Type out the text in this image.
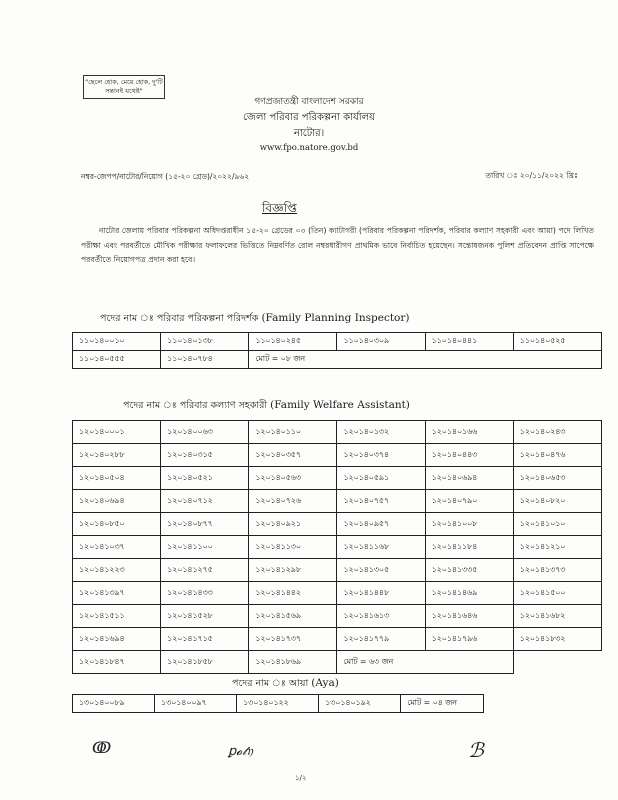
"ছেলে হোক, মেয়ে হোক, দু'টি সন্তানই যথেষ্ট"
গণপ্রজাতন্ত্রী বাংলাদেশ সরকার
জেলা পরিবার পরিকল্পনা কার্যালয়
নাটোর।
www.fpo.natore.gov.bd
নম্বর-জেপপ/নাটোর/নিয়োগ (১৫-২০ গ্রেড)/২০২২/৯৬২	তারিখ ঃ ২০/১১/২০২২ খ্রিঃ
বিজ্ঞপ্তি
নাটোর জেলায় পরিবার পরিকল্পনা অধিদপ্তরাধীন ১৫-২০ গ্রেডের ০৩ (তিন) ক্যাটাগরী (পরিবার পরিকল্পনা পরিদর্শক, পরিবার কল্যাণ সহকারী এবং আয়া) পদে লিখিত পরীক্ষা এবং পরবর্তীতে মৌখিক পরীক্ষার ফলাফলের ভিত্তিতে নিম্নবর্ণিত রোল নম্বরধারীগণ প্রাথমিক ভাবে নির্বাচিত হয়েছেন। সন্তোষজনক পুলিশ প্রতিবেদন প্রাপ্তি সাপেক্ষে পরবর্তীতে নিয়োগপত্র প্রদান করা হবে।
পদের নাম ঃ পরিবার পরিকল্পনা পরিদর্শক (Family Planning Inspector)
১১০১৪০০১০	১১০১৪০১৩৮	১১০১৪০২৪৫	১১০১৪০৩০৯	১১০১৪০৪৪১	১১০১৪০৫২৫
১১০১৪০৫৫৫	১১০১৪০৭৮৪	মোট = ০৮ জন			
পদের নাম ঃ পরিবার কল্যাণ সহকারী (Family Welfare Assistant)
১২০১৪০০০১	১২০১৪০০৬৩	১২০১৪০১১০	১২০১৪০১৩২	১২০১৪০১৬৬	১২০১৪০২৪৩
১২০১৪০২৮৮	১২০১৪০৩১৫	১২০১৪০৩৫৭	১২০১৪০৩৭৪	১২০১৪০৪৪৩	১২০১৪০৪৭৬
১২০১৪০৫০৪	১২০১৪০৫২১	১২০১৪০৫৬৩	১২০১৪০৫৯১	১২০১৪০৬৯৪	১২০১৪০৬৫৩
১২০১৪০৬৯৪	১২০১৪০৭১২	১২০১৪০৭২৬	১২০১৪০৭৫৭	১২০১৪০৭৯০	১২০১৪০৮২০
১২০১৪০৮৫০	১২০১৪০৮৭৭	১২০১৪০৯২১	১২০১৪০৯৫৭	১২০১৪১০০৮	১২০১৪১০১০
১২০১৪১০৩৭	১২০১৪১১০০	১২০১৪১১৩০	১২০১৪১১৬৮	১২০১৪১১৮৪	১২০১৪১২১০
১২০১৪১২২৩	১২০১৪১২৭৫	১২০১৪১২৯৮	১২০১৪১৩০৫	১২০১৪১৩৩৫	১২০১৪১৩৭৩
১২০১৪১৩৯৭	১২০১৪১৪৩৩	১২০১৪১৪৪২	১২০১৪১৪৪৮	১২০১৪১৪৬৯	১২০১৪১৫০০
১২০১৪১৫১১	১২০১৪১৫২৮	১২০১৪১৫৬৯	১২০১৪১৬১৩	১২০১৪১৬৪৬	১২০১৪১৬৮২
১২০১৪১৬৯৪	১২০১৪১৭১৫	১২০১৪১৭৩৭	১২০১৪১৭৭৯	১২০১৪১৭৯৬	১২০১৪১৮৩২
১২০১৪১৮৪৭	১২০১৪১৮৫৮	১২০১৪১৮৬৯	মোট = ৬৩ জন		
পদের নাম ঃ আয়া (Aya)
১৩০১৪০০৮৯	১৩০১৪০০৯৭	১৩০১৪০১২২	১৩০১৪০১৯২	মোট = ০৪ জন
ↂ	ꝑ𝓸𝓉𝔶	ℬ
১/২
